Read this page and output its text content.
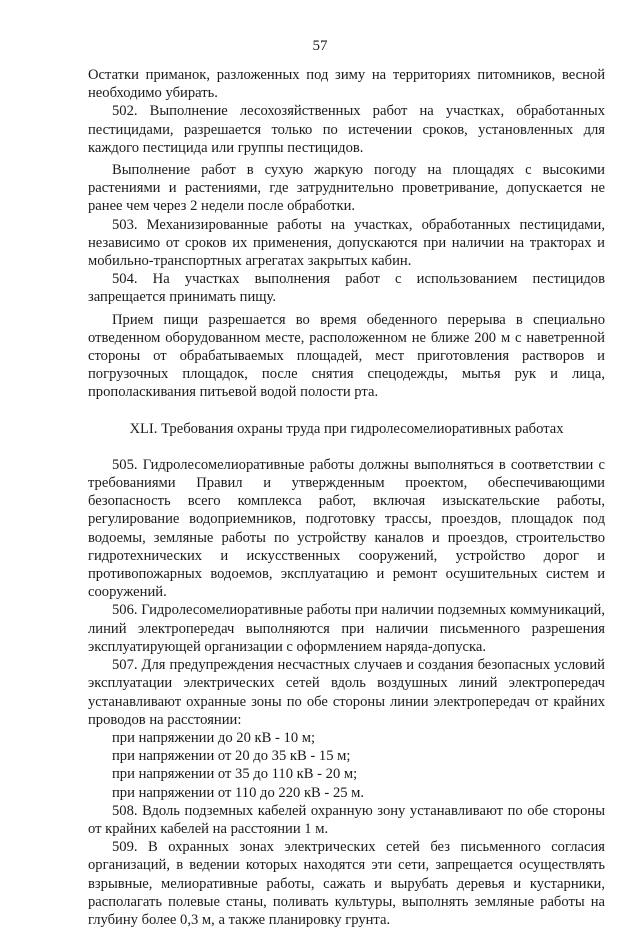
57

Остатки приманок, разложенных под зиму на территориях питомников, весной необходимо убирать.

502. Выполнение лесохозяйственных работ на участках, обработанных пестицидами, разрешается только по истечении сроков, установленных для каждого пестицида или группы пестицидов.

Выполнение работ в сухую жаркую погоду на площадях с высокими растениями и растениями, где затруднительно проветривание, допускается не ранее чем через 2 недели после обработки.

503. Механизированные работы на участках, обработанных пестицидами, независимо от сроков их применения, допускаются при наличии на тракторах и мобильно-транспортных агрегатах закрытых кабин.

504. На участках выполнения работ с использованием пестицидов запрещается принимать пищу.

Прием пищи разрешается во время обеденного перерыва в специально отведенном оборудованном месте, расположенном не ближе 200 м с наветренной стороны от обрабатываемых площадей, мест приготовления растворов и погрузочных площадок, после снятия спецодежды, мытья рук и лица, прополаскивания питьевой водой полости рта.

XLI. Требования охраны труда при гидролесомелиоративных работах

505. Гидролесомелиоративные работы должны выполняться в соответствии с требованиями Правил и утвержденным проектом, обеспечивающими безопасность всего комплекса работ, включая изыскательские работы, регулирование водоприемников, подготовку трассы, проездов, площадок под водоемы, земляные работы по устройству каналов и проездов, строительство гидротехнических и искусственных сооружений, устройство дорог и противопожарных водоемов, эксплуатацию и ремонт осушительных систем и сооружений.

506. Гидролесомелиоративные работы при наличии подземных коммуникаций, линий электропередач выполняются при наличии письменного разрешения эксплуатирующей организации с оформлением наряда-допуска.

507. Для предупреждения несчастных случаев и создания безопасных условий эксплуатации электрических сетей вдоль воздушных линий электропередач устанавливают охранные зоны по обе стороны линии электропередач от крайних проводов на расстоянии:

при напряжении до 20 кВ - 10 м;

при напряжении от 20 до 35 кВ - 15 м;

при напряжении от 35 до 110 кВ - 20 м;

при напряжении от 110 до 220 кВ - 25 м.

508. Вдоль подземных кабелей охранную зону устанавливают по обе стороны от крайних кабелей на расстоянии 1 м.

509. В охранных зонах электрических сетей без письменного согласия организаций, в ведении которых находятся эти сети, запрещается осуществлять взрывные, мелиоративные работы, сажать и вырубать деревья и кустарники, располагать полевые станы, поливать культуры, выполнять земляные работы на глубину более 0,3 м, а также планировку грунта.
